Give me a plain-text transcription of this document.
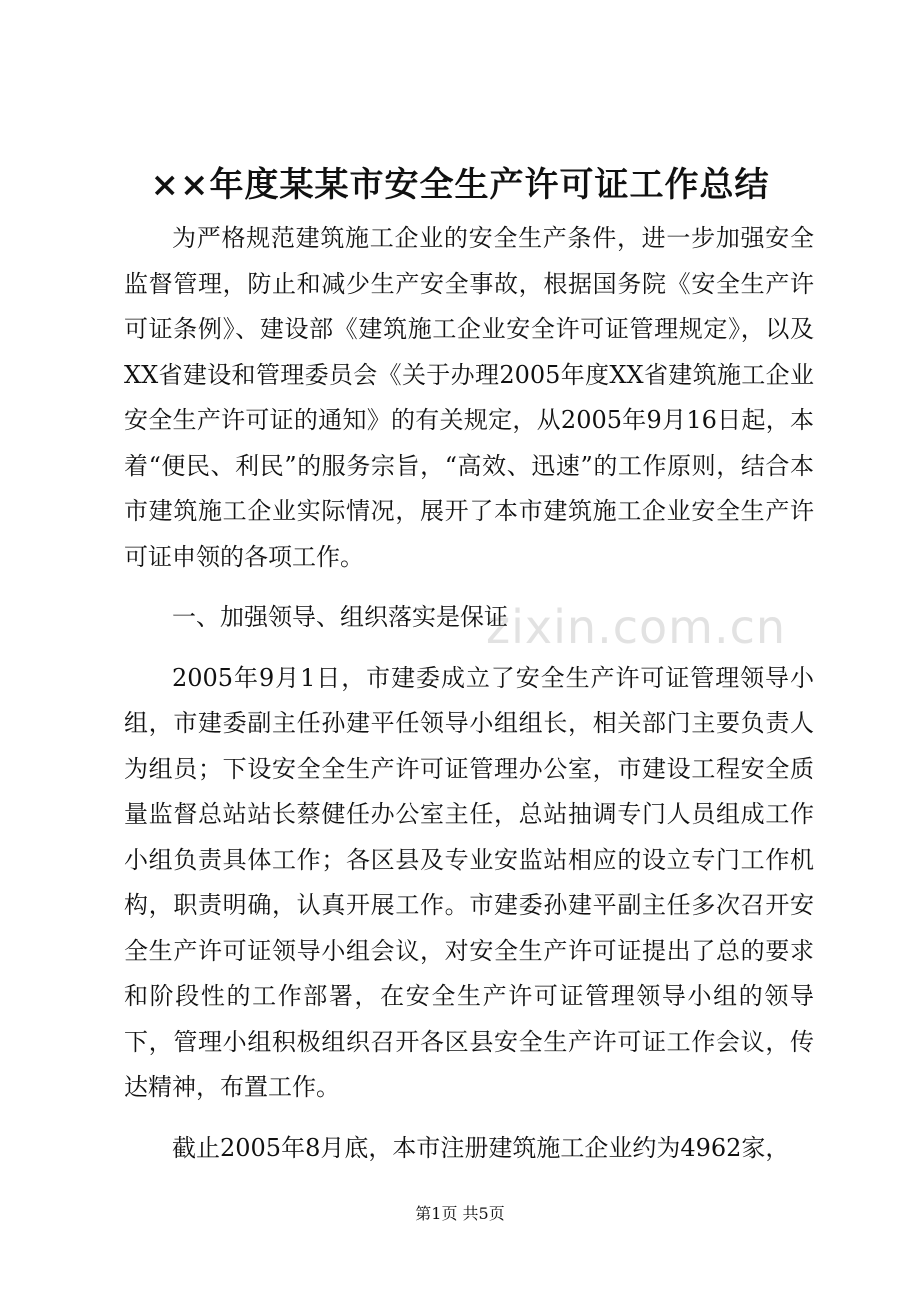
zixin.com.cn
××年度某某市安全生产许可证工作总结

为严格规范建筑施工企业的安全生产条件，进一步加强安全监督管理，防止和减少生产安全事故，根据国务院《安全生产许可证条例》、建设部《建筑施工企业安全许可证管理规定》，以及XX省建设和管理委员会《关于办理2005年度XX省建筑施工企业安全生产许可证的通知》的有关规定，从2005年9月16日起，本着“便民、利民”的服务宗旨，“高效、迅速”的工作原则，结合本市建筑施工企业实际情况，展开了本市建筑施工企业安全生产许可证申领的各项工作。

一、加强领导、组织落实是保证

2005年9月1日，市建委成立了安全生产许可证管理领导小组，市建委副主任孙建平任领导小组组长，相关部门主要负责人为组员；下设安全全生产许可证管理办公室，市建设工程安全质量监督总站站长蔡健任办公室主任，总站抽调专门人员组成工作小组负责具体工作；各区县及专业安监站相应的设立专门工作机构，职责明确，认真开展工作。市建委孙建平副主任多次召开安全生产许可证领导小组会议，对安全生产许可证提出了总的要求和阶段性的工作部署，在安全生产许可证管理领导小组的领导下，管理小组积极组织召开各区县安全生产许可证工作会议，传达精神，布置工作。

截止2005年8月底，本市注册建筑施工企业约为4962家，

第1页 共5页
